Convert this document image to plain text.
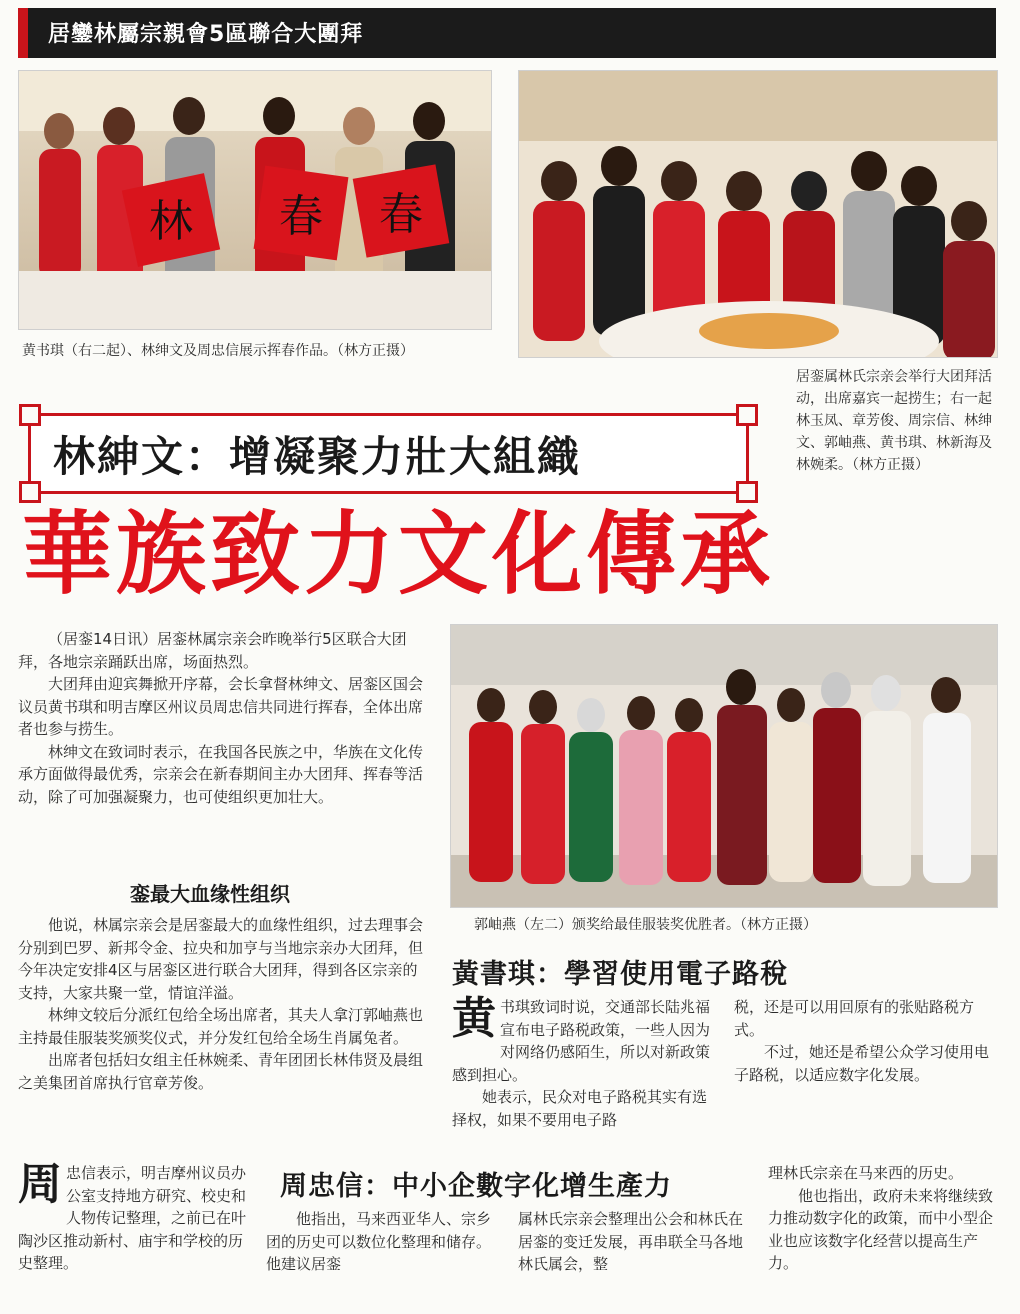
居鑾林屬宗親會5區聯合大團拜
林 春 春
黄书琪（右二起）、林绅文及周忠信展示挥春作品。（林方正摄）
居銮属林氏宗亲会举行大团拜活动，出席嘉宾一起捞生；右一起林玉凤、章芳俊、周宗信、林绅文、郭岫燕、黄书琪、林新海及林婉柔。（林方正摄）
林紳文：增凝聚力壯大組織
華族致力文化傳承

（居銮14日讯）居銮林属宗亲会昨晚举行5区联合大团拜，各地宗亲踊跃出席，场面热烈。

大团拜由迎宾舞掀开序幕，会长拿督林绅文、居銮区国会议员黄书琪和明吉摩区州议员周忠信共同进行挥春，全体出席者也参与捞生。

林绅文在致词时表示，在我国各民族之中，华族在文化传承方面做得最优秀，宗亲会在新春期间主办大团拜、挥春等活动，除了可加强凝聚力，也可使组织更加壮大。

銮最大血缘性组织

他说，林属宗亲会是居銮最大的血缘性组织，过去理事会分别到巴罗、新邦令金、拉央和加亨与当地宗亲办大团拜，但今年决定安排4区与居銮区进行联合大团拜，得到各区宗亲的支持，大家共聚一堂，情谊洋溢。

林绅文较后分派红包给全场出席者，其夫人拿汀郭岫燕也主持最佳服装奖颁奖仪式，并分发红包给全场生肖属兔者。

出席者包括妇女组主任林婉柔、青年团团长林伟贤及晨组之美集团首席执行官章芳俊。

郭岫燕（左二）颁奖给最佳服装奖优胜者。（林方正摄）
黃書琪：學習使用電子路稅
黄 书琪致词时说，交通部长陆兆福宣布电子路税政策，一些人因为对网络仍感陌生，所以对新政策感到担心。

她表示，民众对电子路税其实有选择权，如果不要用电子路

税，还是可以用回原有的张贴路税方式。

不过，她还是希望公众学习使用电子路税，以适应数字化发展。

周忠信：中小企數字化增生產力
周 忠信表示，明吉摩州议员办公室支持地方研究、校史和人物传记整理，之前已在叶陶沙区推动新村、庙宇和学校的历史整理。

他指出，马来西亚华人、宗乡团的历史可以数位化整理和储存。他建议居銮

属林氏宗亲会整理出公会和林氏在居銮的变迁发展，再串联全马各地林氏属会，整
理林氏宗亲在马来西的历史。

他也指出，政府未来将继续致力推动数字化的政策，而中小型企业也应该数字化经营以提高生产力。
